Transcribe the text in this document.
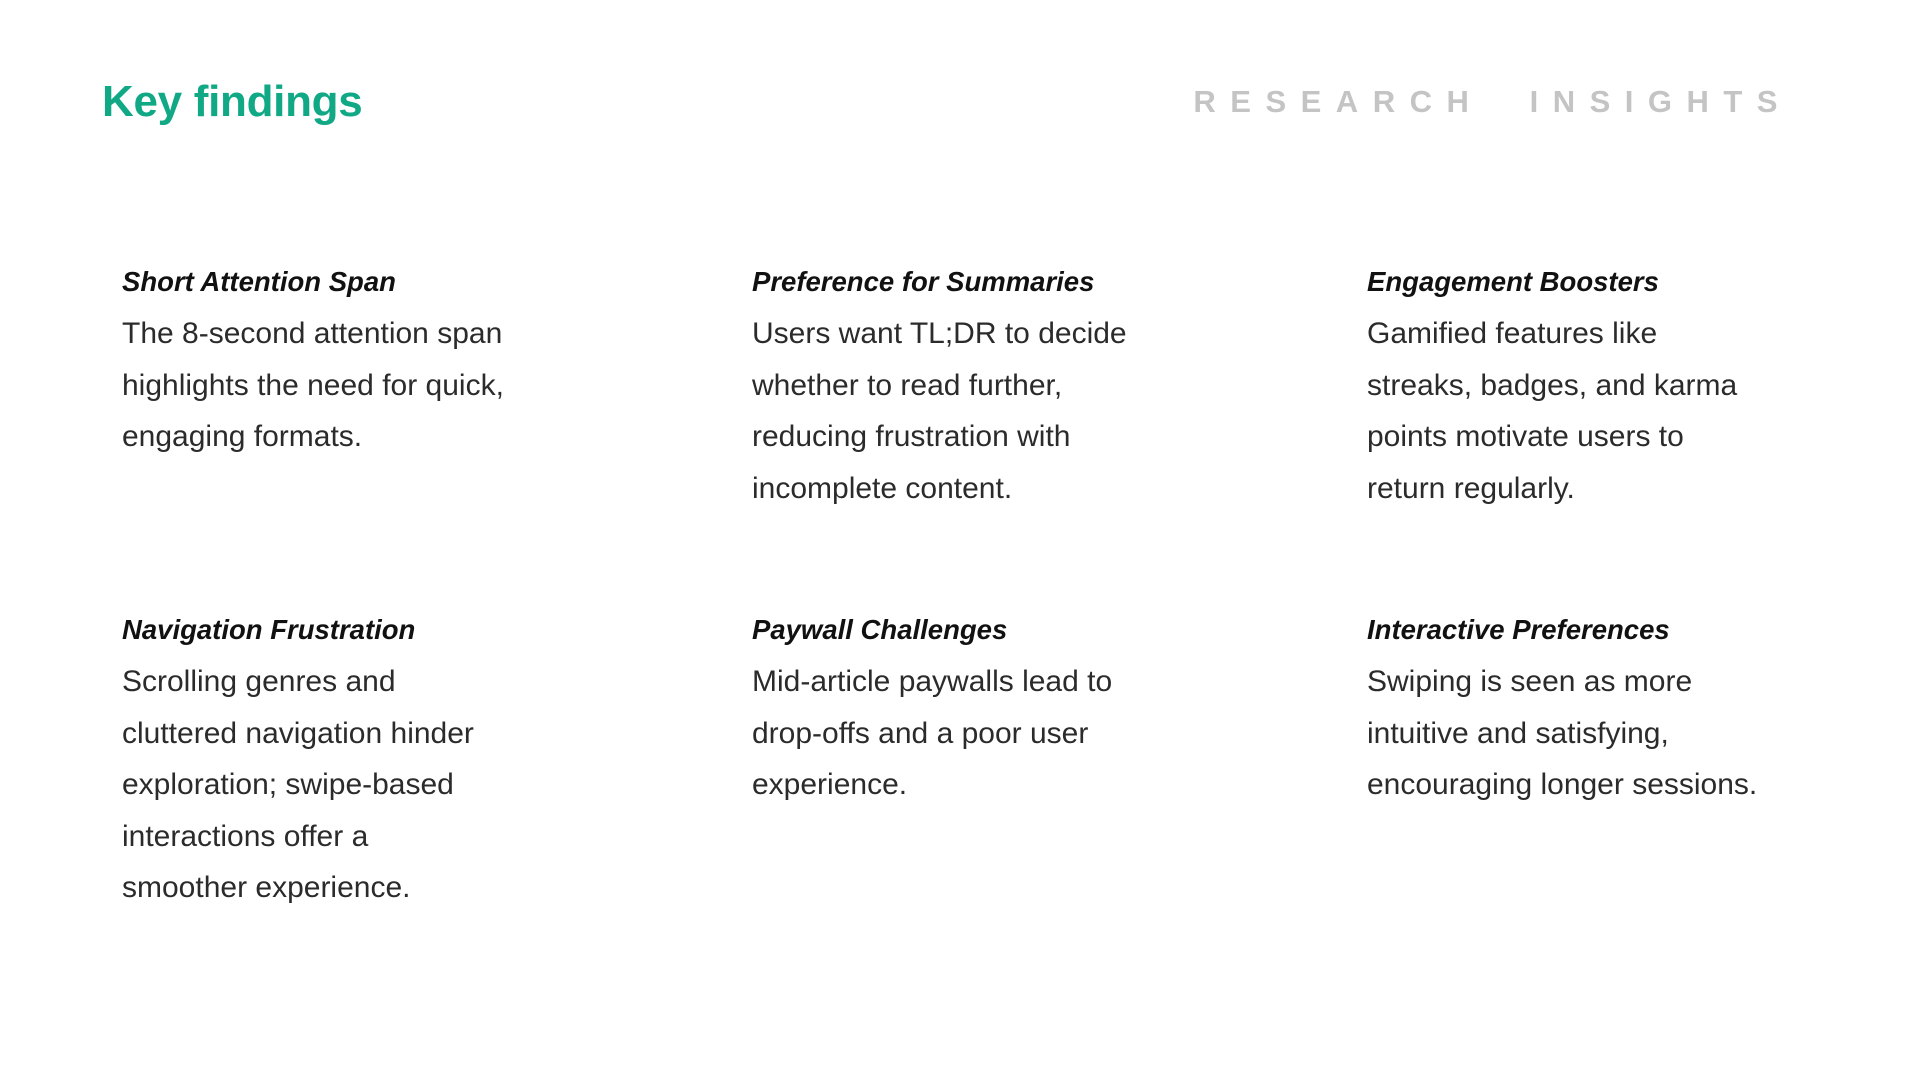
Key findings	RESEARCH  INSIGHTS

Short Attention Span

The 8-second attention span
highlights the need for quick,
engaging formats.

Preference for Summaries

Users want TL;DR to decide
whether to read further,
reducing frustration with
incomplete content.

Engagement Boosters

Gamified features like
streaks, badges, and karma
points motivate users to
return regularly.

Navigation Frustration

Scrolling genres and
cluttered navigation hinder
exploration; swipe-based
interactions offer a
smoother experience.

Paywall Challenges

Mid-article paywalls lead to
drop-offs and a poor user
experience.

Interactive Preferences

Swiping is seen as more
intuitive and satisfying,
encouraging longer sessions.
